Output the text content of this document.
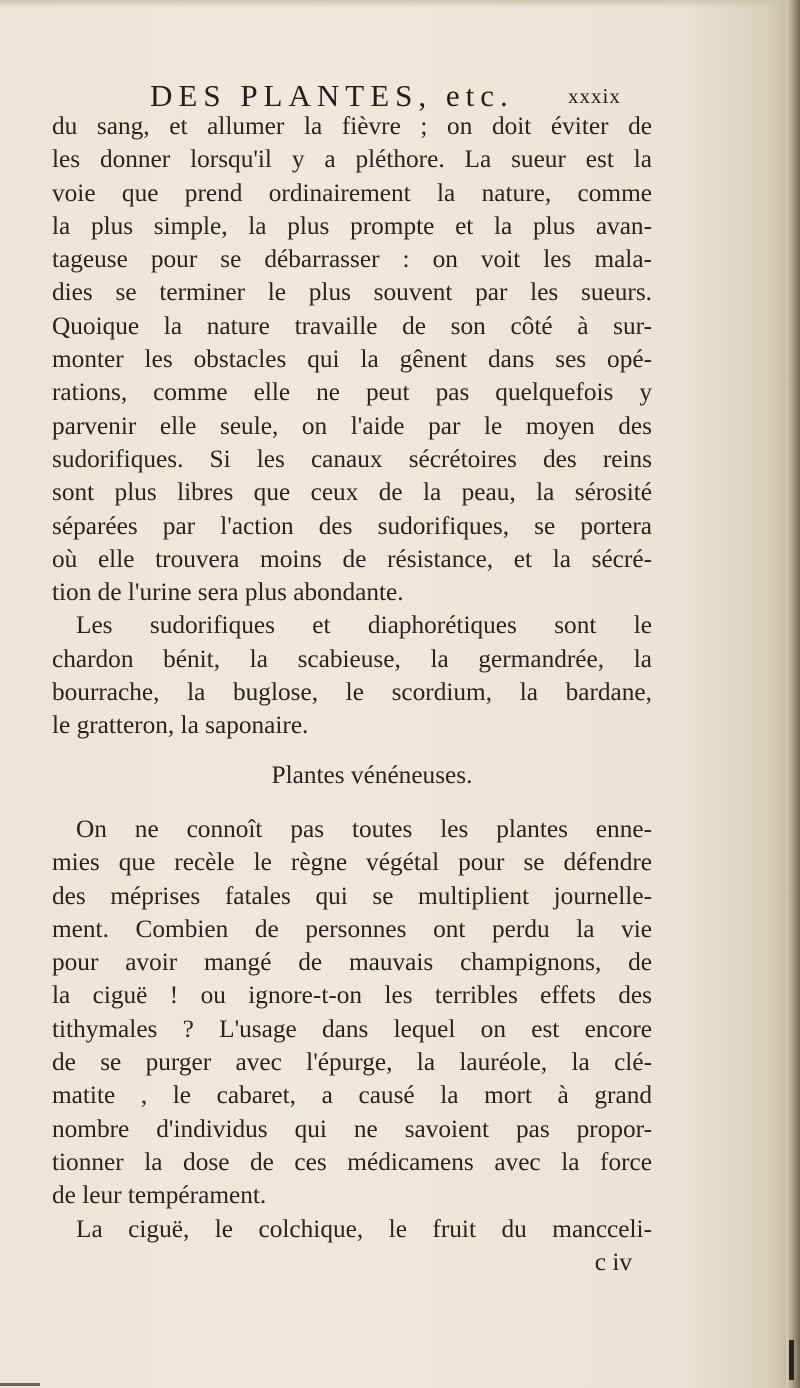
DES PLANTES, etc.	xxxix
du sang, et allumer la fièvre ; on doit éviter de
les donner lorsqu'il y a pléthore. La sueur est la
voie que prend ordinairement la nature, comme
la plus simple, la plus prompte et la plus avan-
tageuse pour se débarrasser : on voit les mala-
dies se terminer le plus souvent par les sueurs.
Quoique la nature travaille de son côté à sur-
monter les obstacles qui la gênent dans ses opé-
rations, comme elle ne peut pas quelquefois y
parvenir elle seule, on l'aide par le moyen des
sudorifiques. Si les canaux sécrétoires des reins
sont plus libres que ceux de la peau, la sérosité
séparées par l'action des sudorifiques, se portera
où elle trouvera moins de résistance, et la sécré-
tion de l'urine sera plus abondante.
Les sudorifiques et diaphorétiques sont le
chardon bénit, la scabieuse, la germandrée, la
bourrache, la buglose, le scordium, la bardane,
le gratteron, la saponaire.
Plantes vénéneuses.
On ne connoît pas toutes les plantes enne-
mies que recèle le règne végétal pour se défendre
des méprises fatales qui se multiplient journelle-
ment. Combien de personnes ont perdu la vie
pour avoir mangé de mauvais champignons, de
la ciguë ! ou ignore-t-on les terribles effets des
tithymales ? L'usage dans lequel on est encore
de se purger avec l'épurge, la lauréole, la clé-
matite , le cabaret, a causé la mort à grand
nombre d'individus qui ne savoient pas propor-
tionner la dose de ces médicamens avec la force
de leur tempérament.
La ciguë, le colchique, le fruit du mancceli-
c iv
